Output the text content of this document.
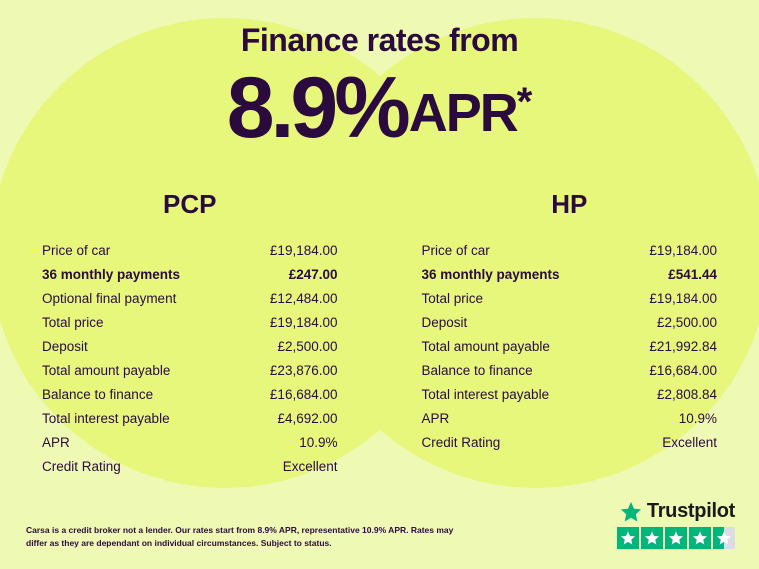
Finance rates from
8.9%APR*
PCP
Price of car	£19,184.00
36 monthly payments	£247.00
Optional final payment	£12,484.00
Total price	£19,184.00
Deposit	£2,500.00
Total amount payable	£23,876.00
Balance to finance	£16,684.00
Total interest payable	£4,692.00
APR	10.9%
Credit Rating	Excellent
HP
Price of car	£19,184.00
36 monthly payments	£541.44
Total price	£19,184.00
Deposit	£2,500.00
Total amount payable	£21,992.84
Balance to finance	£16,684.00
Total interest payable	£2,808.84
APR	10.9%
Credit Rating	Excellent
Carsa is a credit broker not a lender. Our rates start from 8.9% APR, representative 10.9% APR. Rates may differ as they are dependant on individual circumstances. Subject to status.
Trustpilot
